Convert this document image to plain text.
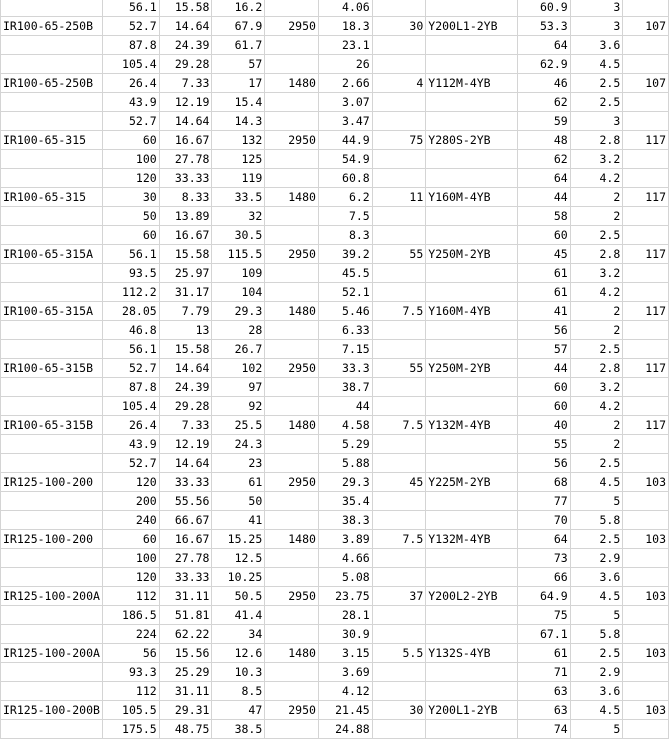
	56.1	15.58	16.2		4.06			60.9	3	
IR100-65-250B	52.7	14.64	67.9	2950	18.3	30	Y200L1-2YB	53.3	3	107
	87.8	24.39	61.7		23.1			64	3.6	
	105.4	29.28	57		26			62.9	4.5	
IR100-65-250B	26.4	7.33	17	1480	2.66	4	Y112M-4YB	46	2.5	107
	43.9	12.19	15.4		3.07			62	2.5	
	52.7	14.64	14.3		3.47			59	3	
IR100-65-315	60	16.67	132	2950	44.9	75	Y280S-2YB	48	2.8	117
	100	27.78	125		54.9			62	3.2	
	120	33.33	119		60.8			64	4.2	
IR100-65-315	30	8.33	33.5	1480	6.2	11	Y160M-4YB	44	2	117
	50	13.89	32		7.5			58	2	
	60	16.67	30.5		8.3			60	2.5	
IR100-65-315A	56.1	15.58	115.5	2950	39.2	55	Y250M-2YB	45	2.8	117
	93.5	25.97	109		45.5			61	3.2	
	112.2	31.17	104		52.1			61	4.2	
IR100-65-315A	28.05	7.79	29.3	1480	5.46	7.5	Y160M-4YB	41	2	117
	46.8	13	28		6.33			56	2	
	56.1	15.58	26.7		7.15			57	2.5	
IR100-65-315B	52.7	14.64	102	2950	33.3	55	Y250M-2YB	44	2.8	117
	87.8	24.39	97		38.7			60	3.2	
	105.4	29.28	92		44			60	4.2	
IR100-65-315B	26.4	7.33	25.5	1480	4.58	7.5	Y132M-4YB	40	2	117
	43.9	12.19	24.3		5.29			55	2	
	52.7	14.64	23		5.88			56	2.5	
IR125-100-200	120	33.33	61	2950	29.3	45	Y225M-2YB	68	4.5	103
	200	55.56	50		35.4			77	5	
	240	66.67	41		38.3			70	5.8	
IR125-100-200	60	16.67	15.25	1480	3.89	7.5	Y132M-4YB	64	2.5	103
	100	27.78	12.5		4.66			73	2.9	
	120	33.33	10.25		5.08			66	3.6	
IR125-100-200A	112	31.11	50.5	2950	23.75	37	Y200L2-2YB	64.9	4.5	103
	186.5	51.81	41.4		28.1			75	5	
	224	62.22	34		30.9			67.1	5.8	
IR125-100-200A	56	15.56	12.6	1480	3.15	5.5	Y132S-4YB	61	2.5	103
	93.3	25.29	10.3		3.69			71	2.9	
	112	31.11	8.5		4.12			63	3.6	
IR125-100-200B	105.5	29.31	47	2950	21.45	30	Y200L1-2YB	63	4.5	103
	175.5	48.75	38.5		24.88			74	5	
